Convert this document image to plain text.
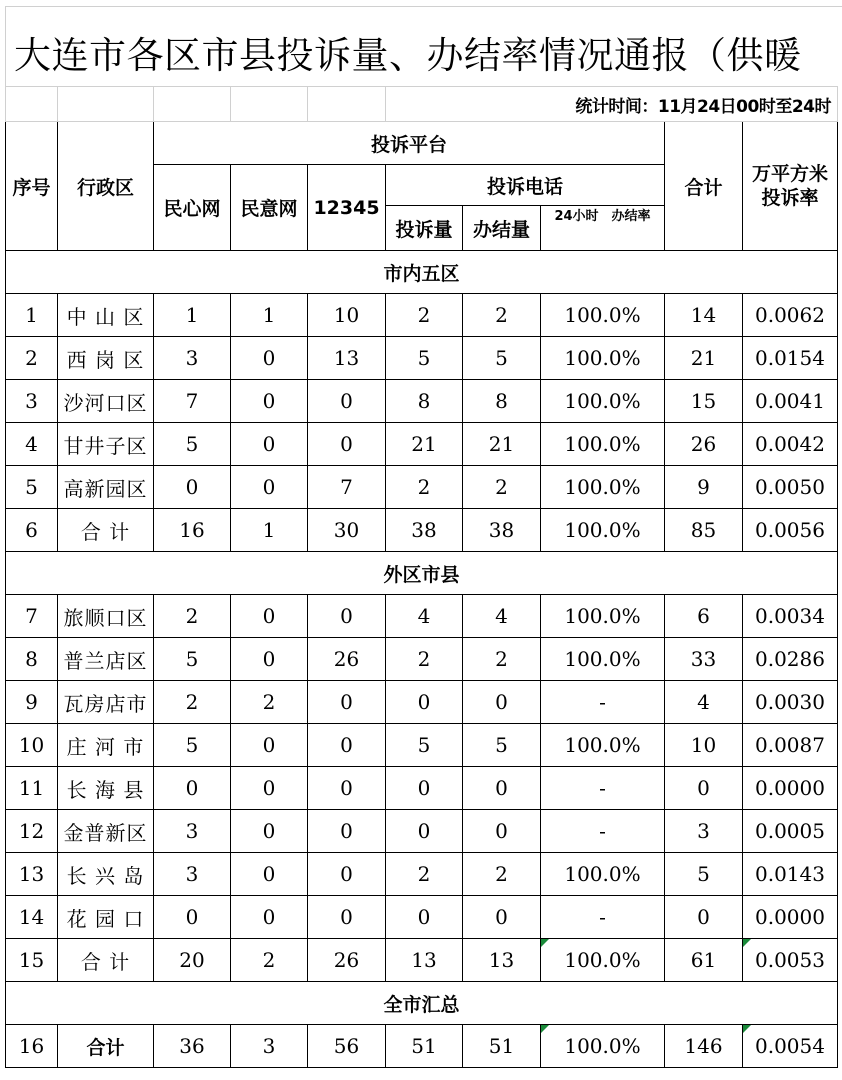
大连市各区市县投诉量、办结率情况通报（供暖
					统计时间：11月24日00时至24时				
序号	行政区	投诉平台						合计	万平方米投诉率
		民心网	民意网	12345	投诉电话				
					投诉量	办结量	24小时　办结率		
市内五区									
1	中 山 区	1	1	10	2	2	100.0%	14	0.0062
2	西 岗 区	3	0	13	5	5	100.0%	21	0.0154
3	沙河口区	7	0	0	8	8	100.0%	15	0.0041
4	甘井子区	5	0	0	21	21	100.0%	26	0.0042
5	高新园区	0	0	7	2	2	100.0%	9	0.0050
6	合 计	16	1	30	38	38	100.0%	85	0.0056
外区市县									
7	旅顺口区	2	0	0	4	4	100.0%	6	0.0034
8	普兰店区	5	0	26	2	2	100.0%	33	0.0286
9	瓦房店市	2	2	0	0	0	-	4	0.0030
10	庄 河 市	5	0	0	5	5	100.0%	10	0.0087
11	长 海 县	0	0	0	0	0	-	0	0.0000
12	金普新区	3	0	0	0	0	-	3	0.0005
13	长 兴 岛	3	0	0	2	2	100.0%	5	0.0143
14	花 园 口	0	0	0	0	0	-	0	0.0000
15	合 计	20	2	26	13	13	100.0%	61	0.0053
全市汇总									
16	合计	36	3	56	51	51	100.0%	146	0.0054
